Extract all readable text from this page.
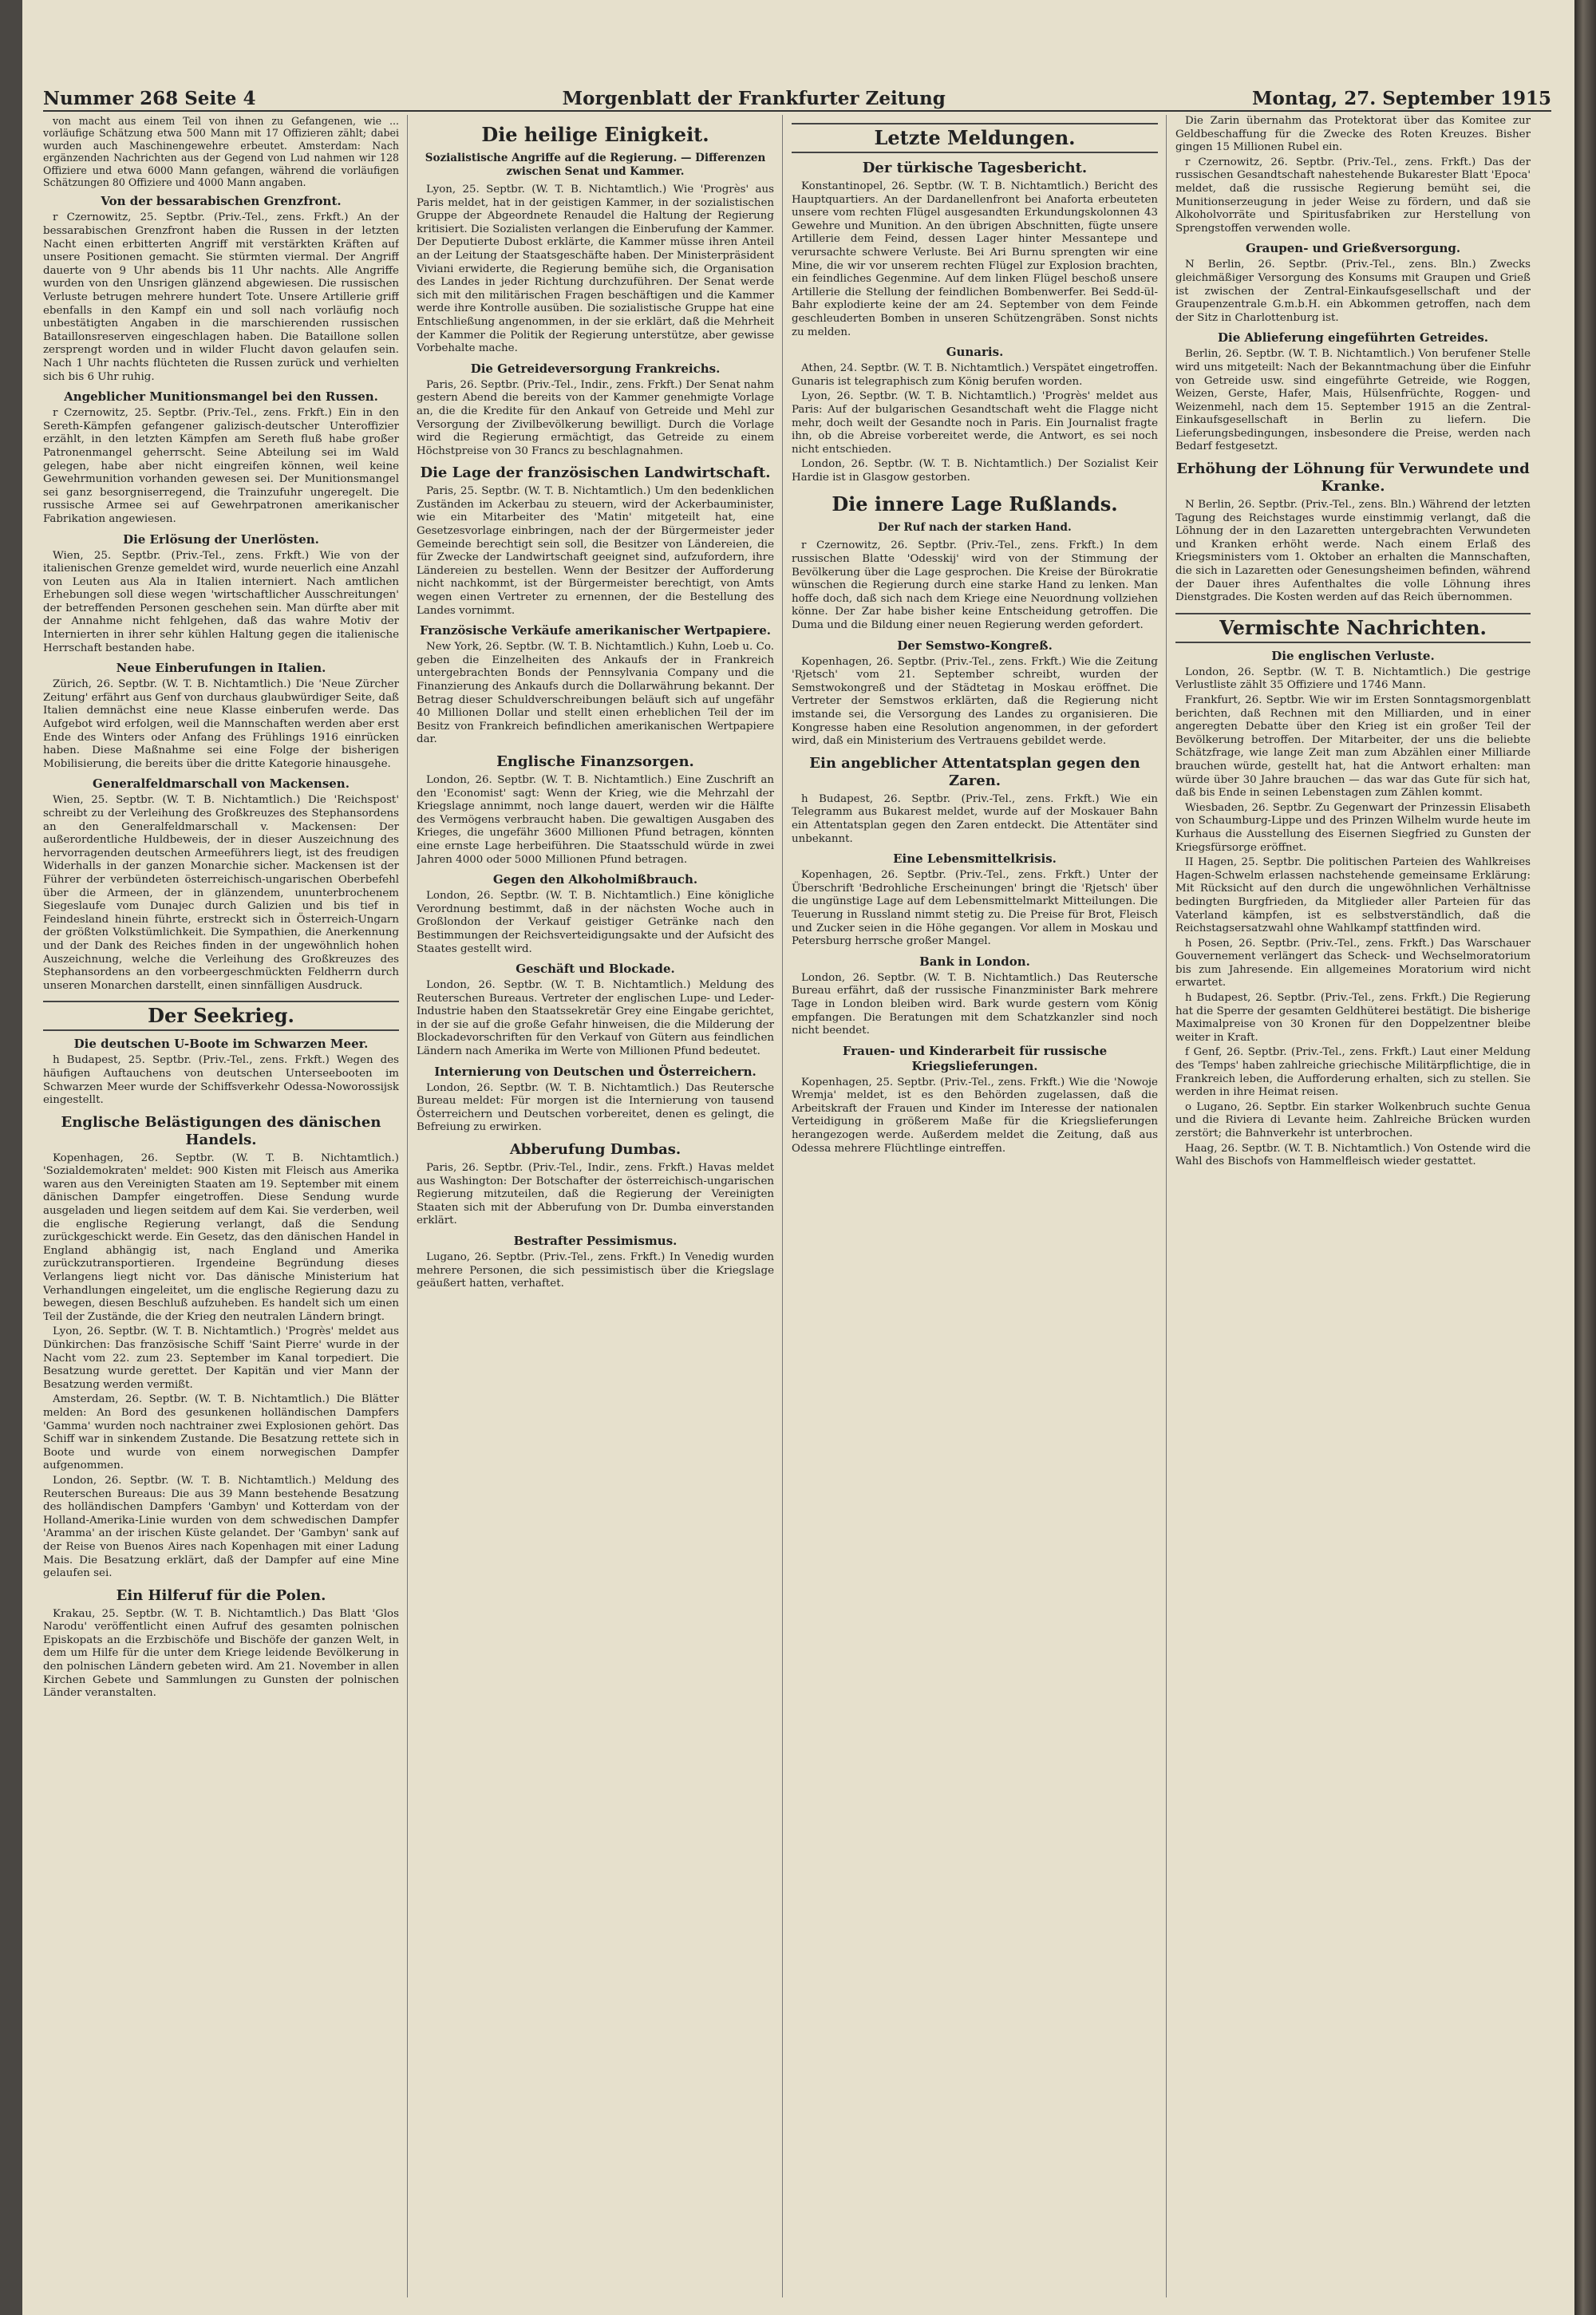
Nummer 268 Seite 4	Morgenblatt der Frankfurter Zeitung	Montag, 27. September 1915

von macht aus einem Teil von ihnen zu Gefangenen, wie ... vorläufige Schätzung etwa 500 Mann mit 17 Offizieren zählt; dabei wurden auch Maschinengewehre erbeutet. Amsterdam: Nach ergänzenden Nachrichten aus der Gegend von Lud nahmen wir 128 Offiziere und etwa 6000 Mann gefangen, während die vorläufigen Schätzungen 80 Offiziere und 4000 Mann angaben.

Von der bessarabischen Grenzfront.

r Czernowitz, 25. Septbr. (Priv.-Tel., zens. Frkft.) An der bessarabischen Grenzfront haben die Russen in der letzten Nacht einen erbitterten Angriff mit verstärkten Kräften auf unsere Positionen gemacht. Sie stürmten viermal. Der Angriff dauerte von 9 Uhr abends bis 11 Uhr nachts. Alle Angriffe wurden von den Unsrigen glänzend abgewiesen. Die russischen Verluste betrugen mehrere hundert Tote. Unsere Artillerie griff ebenfalls in den Kampf ein und soll nach vorläufig noch unbestätigten Angaben in die marschierenden russischen Bataillonsreserven eingeschlagen haben. Die Bataillone sollen zersprengt worden und in wilder Flucht davon gelaufen sein. Nach 1 Uhr nachts flüchteten die Russen zurück und verhielten sich bis 6 Uhr ruhig.

Angeblicher Munitionsmangel bei den Russen.

r Czernowitz, 25. Septbr. (Priv.-Tel., zens. Frkft.) Ein in den Sereth-Kämpfen gefangener galizisch-deutscher Unteroffizier erzählt, in den letzten Kämpfen am Sereth fluß habe großer Patronenmangel geherrscht. Seine Abteilung sei im Wald gelegen, habe aber nicht eingreifen können, weil keine Gewehrmunition vorhanden gewesen sei. Der Munitionsmangel sei ganz besorgniserregend, die Trainzufuhr ungeregelt. Die russische Armee sei auf Gewehrpatronen amerikanischer Fabrikation angewiesen.

Die Erlösung der Unerlösten.

Wien, 25. Septbr. (Priv.-Tel., zens. Frkft.) Wie von der italienischen Grenze gemeldet wird, wurde neuerlich eine Anzahl von Leuten aus Ala in Italien interniert. Nach amtlichen Erhebungen soll diese wegen 'wirtschaftlicher Ausschreitungen' der betreffenden Personen geschehen sein. Man dürfte aber mit der Annahme nicht fehlgehen, daß das wahre Motiv der Internierten in ihrer sehr kühlen Haltung gegen die italienische Herrschaft bestanden habe.

Neue Einberufungen in Italien.

Zürich, 26. Septbr. (W. T. B. Nichtamtlich.) Die 'Neue Zürcher Zeitung' erfährt aus Genf von durchaus glaubwürdiger Seite, daß Italien demnächst eine neue Klasse einberufen werde. Das Aufgebot wird erfolgen, weil die Mannschaften werden aber erst Ende des Winters oder Anfang des Frühlings 1916 einrücken haben. Diese Maßnahme sei eine Folge der bisherigen Mobilisierung, die bereits über die dritte Kategorie hinausgehe.

Generalfeldmarschall von Mackensen.

Wien, 25. Septbr. (W. T. B. Nichtamtlich.) Die 'Reichspost' schreibt zu der Verleihung des Großkreuzes des Stephansordens an den Generalfeldmarschall v. Mackensen: Der außerordentliche Huldbeweis, der in dieser Auszeichnung des hervorragenden deutschen Armeeführers liegt, ist des freudigen Widerhalls in der ganzen Monarchie sicher. Mackensen ist der Führer der verbündeten österreichisch-ungarischen Oberbefehl über die Armeen, der in glänzendem, ununterbrochenem Siegeslaufe vom Dunajec durch Galizien und bis tief in Feindesland hinein führte, erstreckt sich in Österreich-Ungarn der größten Volkstümlichkeit. Die Sympathien, die Anerkennung und der Dank des Reiches finden in der ungewöhnlich hohen Auszeichnung, welche die Verleihung des Großkreuzes des Stephansordens an den vorbeergeschmückten Feldherrn durch unseren Monarchen darstellt, einen sinnfälligen Ausdruck.

Der Seekrieg.
Die deutschen U-Boote im Schwarzen Meer.

h Budapest, 25. Septbr. (Priv.-Tel., zens. Frkft.) Wegen des häufigen Auftauchens von deutschen Unterseebooten im Schwarzen Meer wurde der Schiffsverkehr Odessa-Noworossijsk eingestellt.

Englische Belästigungen des dänischen Handels.

Kopenhagen, 26. Septbr. (W. T. B. Nichtamtlich.) 'Sozialdemokraten' meldet: 900 Kisten mit Fleisch aus Amerika waren aus den Vereinigten Staaten am 19. September mit einem dänischen Dampfer eingetroffen. Diese Sendung wurde ausgeladen und liegen seitdem auf dem Kai. Sie verderben, weil die englische Regierung verlangt, daß die Sendung zurückgeschickt werde. Ein Gesetz, das den dänischen Handel in England abhängig ist, nach England und Amerika zurückzutransportieren. Irgendeine Begründung dieses Verlangens liegt nicht vor. Das dänische Ministerium hat Verhandlungen eingeleitet, um die englische Regierung dazu zu bewegen, diesen Beschluß aufzuheben. Es handelt sich um einen Teil der Zustände, die der Krieg den neutralen Ländern bringt.

Lyon, 26. Septbr. (W. T. B. Nichtamtlich.) 'Progrès' meldet aus Dünkirchen: Das französische Schiff 'Saint Pierre' wurde in der Nacht vom 22. zum 23. September im Kanal torpediert. Die Besatzung wurde gerettet. Der Kapitän und vier Mann der Besatzung werden vermißt.

Amsterdam, 26. Septbr. (W. T. B. Nichtamtlich.) Die Blätter melden: An Bord des gesunkenen holländischen Dampfers 'Gamma' wurden noch nachtrainer zwei Explosionen gehört. Das Schiff war in sinkendem Zustande. Die Besatzung rettete sich in Boote und wurde von einem norwegischen Dampfer aufgenommen.

London, 26. Septbr. (W. T. B. Nichtamtlich.) Meldung des Reuterschen Bureaus: Die aus 39 Mann bestehende Besatzung des holländischen Dampfers 'Gambyn' und Kotterdam von der Holland-Amerika-Linie wurden von dem schwedischen Dampfer 'Aramma' an der irischen Küste gelandet. Der 'Gambyn' sank auf der Reise von Buenos Aires nach Kopenhagen mit einer Ladung Mais. Die Besatzung erklärt, daß der Dampfer auf eine Mine gelaufen sei.

Ein Hilferuf für die Polen.

Krakau, 25. Septbr. (W. T. B. Nichtamtlich.) Das Blatt 'Glos Narodu' veröffentlicht einen Aufruf des gesamten polnischen Episkopats an die Erzbischöfe und Bischöfe der ganzen Welt, in dem um Hilfe für die unter dem Kriege leidende Bevölkerung in den polnischen Ländern gebeten wird. Am 21. November in allen Kirchen Gebete und Sammlungen zu Gunsten der polnischen Länder veranstalten.

Die heilige Einigkeit.
Sozialistische Angriffe auf die Regierung. — Differenzen zwischen Senat und Kammer.

Lyon, 25. Septbr. (W. T. B. Nichtamtlich.) Wie 'Progrès' aus Paris meldet, hat in der geistigen Kammer, in der sozialistischen Gruppe der Abgeordnete Renaudel die Haltung der Regierung kritisiert. Die Sozialisten verlangen die Einberufung der Kammer. Der Deputierte Dubost erklärte, die Kammer müsse ihren Anteil an der Leitung der Staatsgeschäfte haben. Der Ministerpräsident Viviani erwiderte, die Regierung bemühe sich, die Organisation des Landes in jeder Richtung durchzuführen. Der Senat werde sich mit den militärischen Fragen beschäftigen und die Kammer werde ihre Kontrolle ausüben. Die sozialistische Gruppe hat eine Entschließung angenommen, in der sie erklärt, daß die Mehrheit der Kammer die Politik der Regierung unterstütze, aber gewisse Vorbehalte mache.

Die Getreideversorgung Frankreichs.

Paris, 26. Septbr. (Priv.-Tel., Indir., zens. Frkft.) Der Senat nahm gestern Abend die bereits von der Kammer genehmigte Vorlage an, die die Kredite für den Ankauf von Getreide und Mehl zur Versorgung der Zivilbevölkerung bewilligt. Durch die Vorlage wird die Regierung ermächtigt, das Getreide zu einem Höchstpreise von 30 Francs zu beschlagnahmen.

Die Lage der französischen Landwirtschaft.

Paris, 25. Septbr. (W. T. B. Nichtamtlich.) Um den bedenklichen Zuständen im Ackerbau zu steuern, wird der Ackerbauminister, wie ein Mitarbeiter des 'Matin' mitgeteilt hat, eine Gesetzesvorlage einbringen, nach der der Bürgermeister jeder Gemeinde berechtigt sein soll, die Besitzer von Ländereien, die für Zwecke der Landwirtschaft geeignet sind, aufzufordern, ihre Ländereien zu bestellen. Wenn der Besitzer der Aufforderung nicht nachkommt, ist der Bürgermeister berechtigt, von Amts wegen einen Vertreter zu ernennen, der die Bestellung des Landes vornimmt.

Französische Verkäufe amerikanischer Wertpapiere.

New York, 26. Septbr. (W. T. B. Nichtamtlich.) Kuhn, Loeb u. Co. geben die Einzelheiten des Ankaufs der in Frankreich untergebrachten Bonds der Pennsylvania Company und die Finanzierung des Ankaufs durch die Dollarwährung bekannt. Der Betrag dieser Schuldverschreibungen beläuft sich auf ungefähr 40 Millionen Dollar und stellt einen erheblichen Teil der im Besitz von Frankreich befindlichen amerikanischen Wertpapiere dar.

Englische Finanzsorgen.

London, 26. Septbr. (W. T. B. Nichtamtlich.) Eine Zuschrift an den 'Economist' sagt: Wenn der Krieg, wie die Mehrzahl der Kriegslage annimmt, noch lange dauert, werden wir die Hälfte des Vermögens verbraucht haben. Die gewaltigen Ausgaben des Krieges, die ungefähr 3600 Millionen Pfund betragen, könnten eine ernste Lage herbeiführen. Die Staatsschuld würde in zwei Jahren 4000 oder 5000 Millionen Pfund betragen.

Gegen den Alkoholmißbrauch.

London, 26. Septbr. (W. T. B. Nichtamtlich.) Eine königliche Verordnung bestimmt, daß in der nächsten Woche auch in Großlondon der Verkauf geistiger Getränke nach den Bestimmungen der Reichsverteidigungsakte und der Aufsicht des Staates gestellt wird.

Geschäft und Blockade.

London, 26. Septbr. (W. T. B. Nichtamtlich.) Meldung des Reuterschen Bureaus. Vertreter der englischen Lupe- und Leder-Industrie haben den Staatssekretär Grey eine Eingabe gerichtet, in der sie auf die große Gefahr hinweisen, die die Milderung der Blockadevorschriften für den Verkauf von Gütern aus feindlichen Ländern nach Amerika im Werte von Millionen Pfund bedeutet.

Internierung von Deutschen und Österreichern.

London, 26. Septbr. (W. T. B. Nichtamtlich.) Das Reutersche Bureau meldet: Für morgen ist die Internierung von tausend Österreichern und Deutschen vorbereitet, denen es gelingt, die Befreiung zu erwirken.

Abberufung Dumbas.

Paris, 26. Septbr. (Priv.-Tel., Indir., zens. Frkft.) Havas meldet aus Washington: Der Botschafter der österreichisch-ungarischen Regierung mitzuteilen, daß die Regierung der Vereinigten Staaten sich mit der Abberufung von Dr. Dumba einverstanden erklärt.

Bestrafter Pessimismus.

Lugano, 26. Septbr. (Priv.-Tel., zens. Frkft.) In Venedig wurden mehrere Personen, die sich pessimistisch über die Kriegslage geäußert hatten, verhaftet.

Letzte Meldungen.
Der türkische Tagesbericht.

Konstantinopel, 26. Septbr. (W. T. B. Nichtamtlich.) Bericht des Hauptquartiers. An der Dardanellenfront bei Anaforta erbeuteten unsere vom rechten Flügel ausgesandten Erkundungskolonnen 43 Gewehre und Munition. An den übrigen Abschnitten, fügte unsere Artillerie dem Feind, dessen Lager hinter Messantepe und verursachte schwere Verluste. Bei Ari Burnu sprengten wir eine Mine, die wir vor unserem rechten Flügel zur Explosion brachten, ein feindliches Gegenmine. Auf dem linken Flügel beschoß unsere Artillerie die Stellung der feindlichen Bombenwerfer. Bei Sedd-ül-Bahr explodierte keine der am 24. September von dem Feinde geschleuderten Bomben in unseren Schützengräben. Sonst nichts zu melden.

Gunaris.

Athen, 24. Septbr. (W. T. B. Nichtamtlich.) Verspätet eingetroffen. Gunaris ist telegraphisch zum König berufen worden.

Lyon, 26. Septbr. (W. T. B. Nichtamtlich.) 'Progrès' meldet aus Paris: Auf der bulgarischen Gesandtschaft weht die Flagge nicht mehr, doch weilt der Gesandte noch in Paris. Ein Journalist fragte ihn, ob die Abreise vorbereitet werde, die Antwort, es sei noch nicht entschieden.

London, 26. Septbr. (W. T. B. Nichtamtlich.) Der Sozialist Keir Hardie ist in Glasgow gestorben.

Die innere Lage Rußlands.
Der Ruf nach der starken Hand.

r Czernowitz, 26. Septbr. (Priv.-Tel., zens. Frkft.) In dem russischen Blatte 'Odesskij' wird von der Stimmung der Bevölkerung über die Lage gesprochen. Die Kreise der Bürokratie wünschen die Regierung durch eine starke Hand zu lenken. Man hoffe doch, daß sich nach dem Kriege eine Neuordnung vollziehen könne. Der Zar habe bisher keine Entscheidung getroffen. Die Duma und die Bildung einer neuen Regierung werden gefordert.

Der Semstwo-Kongreß.

Kopenhagen, 26. Septbr. (Priv.-Tel., zens. Frkft.) Wie die Zeitung 'Rjetsch' vom 21. September schreibt, wurden der Semstwokongreß und der Städtetag in Moskau eröffnet. Die Vertreter der Semstwos erklärten, daß die Regierung nicht imstande sei, die Versorgung des Landes zu organisieren. Die Kongresse haben eine Resolution angenommen, in der gefordert wird, daß ein Ministerium des Vertrauens gebildet werde.

Ein angeblicher Attentatsplan gegen den Zaren.

h Budapest, 26. Septbr. (Priv.-Tel., zens. Frkft.) Wie ein Telegramm aus Bukarest meldet, wurde auf der Moskauer Bahn ein Attentatsplan gegen den Zaren entdeckt. Die Attentäter sind unbekannt.

Eine Lebensmittelkrisis.

Kopenhagen, 26. Septbr. (Priv.-Tel., zens. Frkft.) Unter der Überschrift 'Bedrohliche Erscheinungen' bringt die 'Rjetsch' über die ungünstige Lage auf dem Lebensmittelmarkt Mitteilungen. Die Teuerung in Russland nimmt stetig zu. Die Preise für Brot, Fleisch und Zucker seien in die Höhe gegangen. Vor allem in Moskau und Petersburg herrsche großer Mangel.

Bank in London.

London, 26. Septbr. (W. T. B. Nichtamtlich.) Das Reutersche Bureau erfährt, daß der russische Finanzminister Bark mehrere Tage in London bleiben wird. Bark wurde gestern vom König empfangen. Die Beratungen mit dem Schatzkanzler sind noch nicht beendet.

Frauen- und Kinderarbeit für russische Kriegslieferungen.

Kopenhagen, 25. Septbr. (Priv.-Tel., zens. Frkft.) Wie die 'Nowoje Wremja' meldet, ist es den Behörden zugelassen, daß die Arbeitskraft der Frauen und Kinder im Interesse der nationalen Verteidigung in größerem Maße für die Kriegslieferungen herangezogen werde. Außerdem meldet die Zeitung, daß aus Odessa mehrere Flüchtlinge eintreffen.

Die Zarin übernahm das Protektorat über das Komitee zur Geldbeschaffung für die Zwecke des Roten Kreuzes. Bisher gingen 15 Millionen Rubel ein.

r Czernowitz, 26. Septbr. (Priv.-Tel., zens. Frkft.) Das der russischen Gesandtschaft nahestehende Bukarester Blatt 'Epoca' meldet, daß die russische Regierung bemüht sei, die Munitionserzeugung in jeder Weise zu fördern, und daß sie Alkoholvorräte und Spiritusfabriken zur Herstellung von Sprengstoffen verwenden wolle.

Graupen- und Grießversorgung.

N Berlin, 26. Septbr. (Priv.-Tel., zens. Bln.) Zwecks gleichmäßiger Versorgung des Konsums mit Graupen und Grieß ist zwischen der Zentral-Einkaufsgesellschaft und der Graupenzentrale G.m.b.H. ein Abkommen getroffen, nach dem der Sitz in Charlottenburg ist.

Die Ablieferung eingeführten Getreides.

Berlin, 26. Septbr. (W. T. B. Nichtamtlich.) Von berufener Stelle wird uns mitgeteilt: Nach der Bekanntmachung über die Einfuhr von Getreide usw. sind eingeführte Getreide, wie Roggen, Weizen, Gerste, Hafer, Mais, Hülsenfrüchte, Roggen- und Weizenmehl, nach dem 15. September 1915 an die Zentral-Einkaufsgesellschaft in Berlin zu liefern. Die Lieferungsbedingungen, insbesondere die Preise, werden nach Bedarf festgesetzt.

Erhöhung der Löhnung für Verwundete und Kranke.

N Berlin, 26. Septbr. (Priv.-Tel., zens. Bln.) Während der letzten Tagung des Reichstages wurde einstimmig verlangt, daß die Löhnung der in den Lazaretten untergebrachten Verwundeten und Kranken erhöht werde. Nach einem Erlaß des Kriegsministers vom 1. Oktober an erhalten die Mannschaften, die sich in Lazaretten oder Genesungsheimen befinden, während der Dauer ihres Aufenthaltes die volle Löhnung ihres Dienstgrades. Die Kosten werden auf das Reich übernommen.

Vermischte Nachrichten.
Die englischen Verluste.

London, 26. Septbr. (W. T. B. Nichtamtlich.) Die gestrige Verlustliste zählt 35 Offiziere und 1746 Mann.

Frankfurt, 26. Septbr. Wie wir im Ersten Sonntagsmorgenblatt berichten, daß Rechnen mit den Milliarden, und in einer angeregten Debatte über den Krieg ist ein großer Teil der Bevölkerung betroffen. Der Mitarbeiter, der uns die beliebte Schätzfrage, wie lange Zeit man zum Abzählen einer Milliarde brauchen würde, gestellt hat, hat die Antwort erhalten: man würde über 30 Jahre brauchen — das war das Gute für sich hat, daß bis Ende in seinen Lebenstagen zum Zählen kommt.

Wiesbaden, 26. Septbr. Zu Gegenwart der Prinzessin Elisabeth von Schaumburg-Lippe und des Prinzen Wilhelm wurde heute im Kurhaus die Ausstellung des Eisernen Siegfried zu Gunsten der Kriegsfürsorge eröffnet.

II Hagen, 25. Septbr. Die politischen Parteien des Wahlkreises Hagen-Schwelm erlassen nachstehende gemeinsame Erklärung: Mit Rücksicht auf den durch die ungewöhnlichen Verhältnisse bedingten Burgfrieden, da Mitglieder aller Parteien für das Vaterland kämpfen, ist es selbstverständlich, daß die Reichstagsersatzwahl ohne Wahlkampf stattfinden wird.

h Posen, 26. Septbr. (Priv.-Tel., zens. Frkft.) Das Warschauer Gouvernement verlängert das Scheck- und Wechselmoratorium bis zum Jahresende. Ein allgemeines Moratorium wird nicht erwartet.

h Budapest, 26. Septbr. (Priv.-Tel., zens. Frkft.) Die Regierung hat die Sperre der gesamten Geldhüterei bestätigt. Die bisherige Maximalpreise von 30 Kronen für den Doppelzentner bleibe weiter in Kraft.

f Genf, 26. Septbr. (Priv.-Tel., zens. Frkft.) Laut einer Meldung des 'Temps' haben zahlreiche griechische Militärpflichtige, die in Frankreich leben, die Aufforderung erhalten, sich zu stellen. Sie werden in ihre Heimat reisen.

o Lugano, 26. Septbr. Ein starker Wolkenbruch suchte Genua und die Riviera di Levante heim. Zahlreiche Brücken wurden zerstört; die Bahnverkehr ist unterbrochen.

Haag, 26. Septbr. (W. T. B. Nichtamtlich.) Von Ostende wird die Wahl des Bischofs von Hammelfleisch wieder gestattet.
